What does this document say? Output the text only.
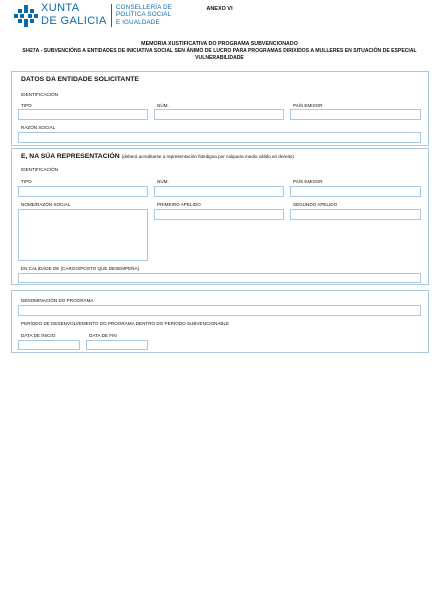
XUNTA
DE GALICIA
CONSELLERÍA DE
POLÍTICA SOCIAL
E IGUALDADE
ANEXO VI
MEMORIA XUSTIFICATIVA DO PROGRAMA SUBVENCIONADO
SI427A - SUBVENCIÓNS A ENTIDADES DE INICIATIVA SOCIAL SEN ÁNIMO DE LUCRO PARA PROGRAMAS DIRIXIDOS A MULLERES EN SITUACIÓN DE ESPECIAL VULNERABILIDADE
DATOS DA ENTIDADE SOLICITANTE
IDENTIFICACIÓN
TIPO	NÚM.	PAÍS EMISOR
RAZÓN SOCIAL
E, NA SÚA REPRESENTACIÓN (deberá acreditarse a representación fidedigna por calquera medio válido en dereito)
IDENTIFICACIÓN
TIPO	NÚM.	PAÍS EMISOR
NOME/RAZÓN SOCIAL	PRIMEIRO APELIDO	SEGUNDO APELIDO
EN CALIDADE DE (CARGO/POSTO QUE DESEMPEÑA)
DENOMINACIÓN DO PROGRAMA
PERÍODO DE DESENVOLVEMENTO DO PROGRAMA DENTRO DO PERÍODO SUBVENCIONABLE
DATA DE INICIO	DATA DE FIN
